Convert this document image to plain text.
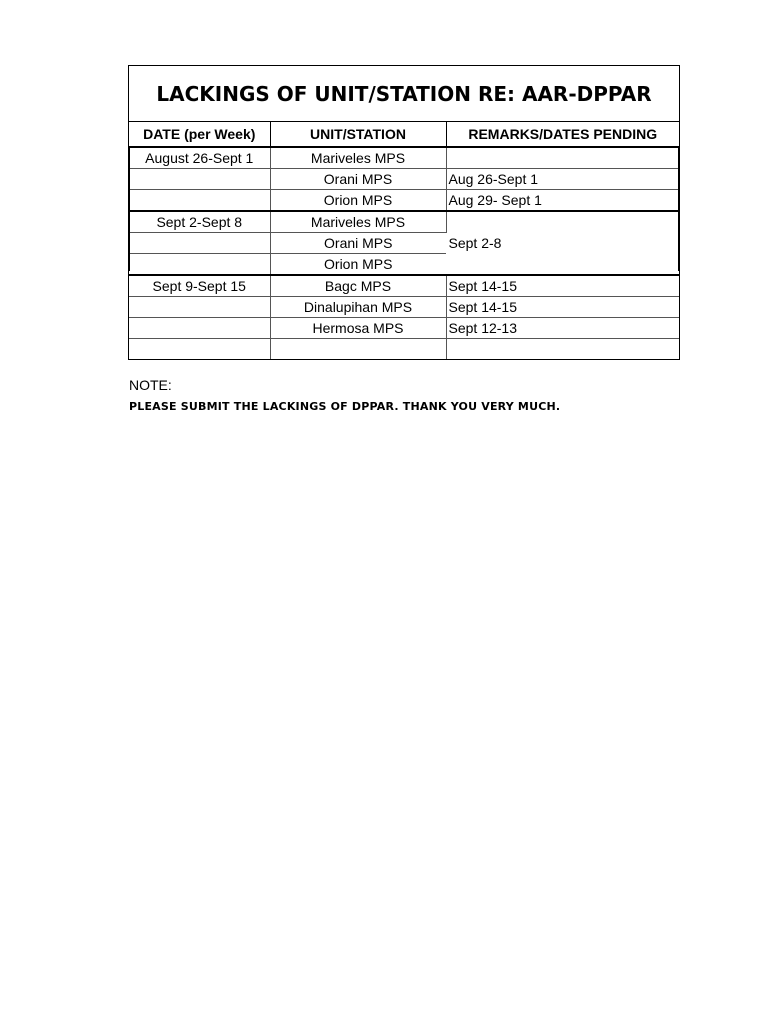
LACKINGS OF UNIT/STATION RE: AAR-DPPAR
DATE (per Week)	UNIT/STATION	REMARKS/DATES PENDING
August 26-Sept 1	Mariveles MPS	
	Orani MPS	Aug 26-Sept 1
	Orion MPS	Aug 29- Sept 1
Sept 2-Sept 8	Mariveles MPS	Sept 2-8
	Orani MPS	
	Orion MPS	
Sept 9-Sept 15	Bagc MPS	Sept 14-15
	Dinalupihan MPS	Sept 14-15
	Hermosa MPS	Sept 12-13

NOTE:
PLEASE SUBMIT THE LACKINGS OF DPPAR. THANK YOU VERY MUCH.
